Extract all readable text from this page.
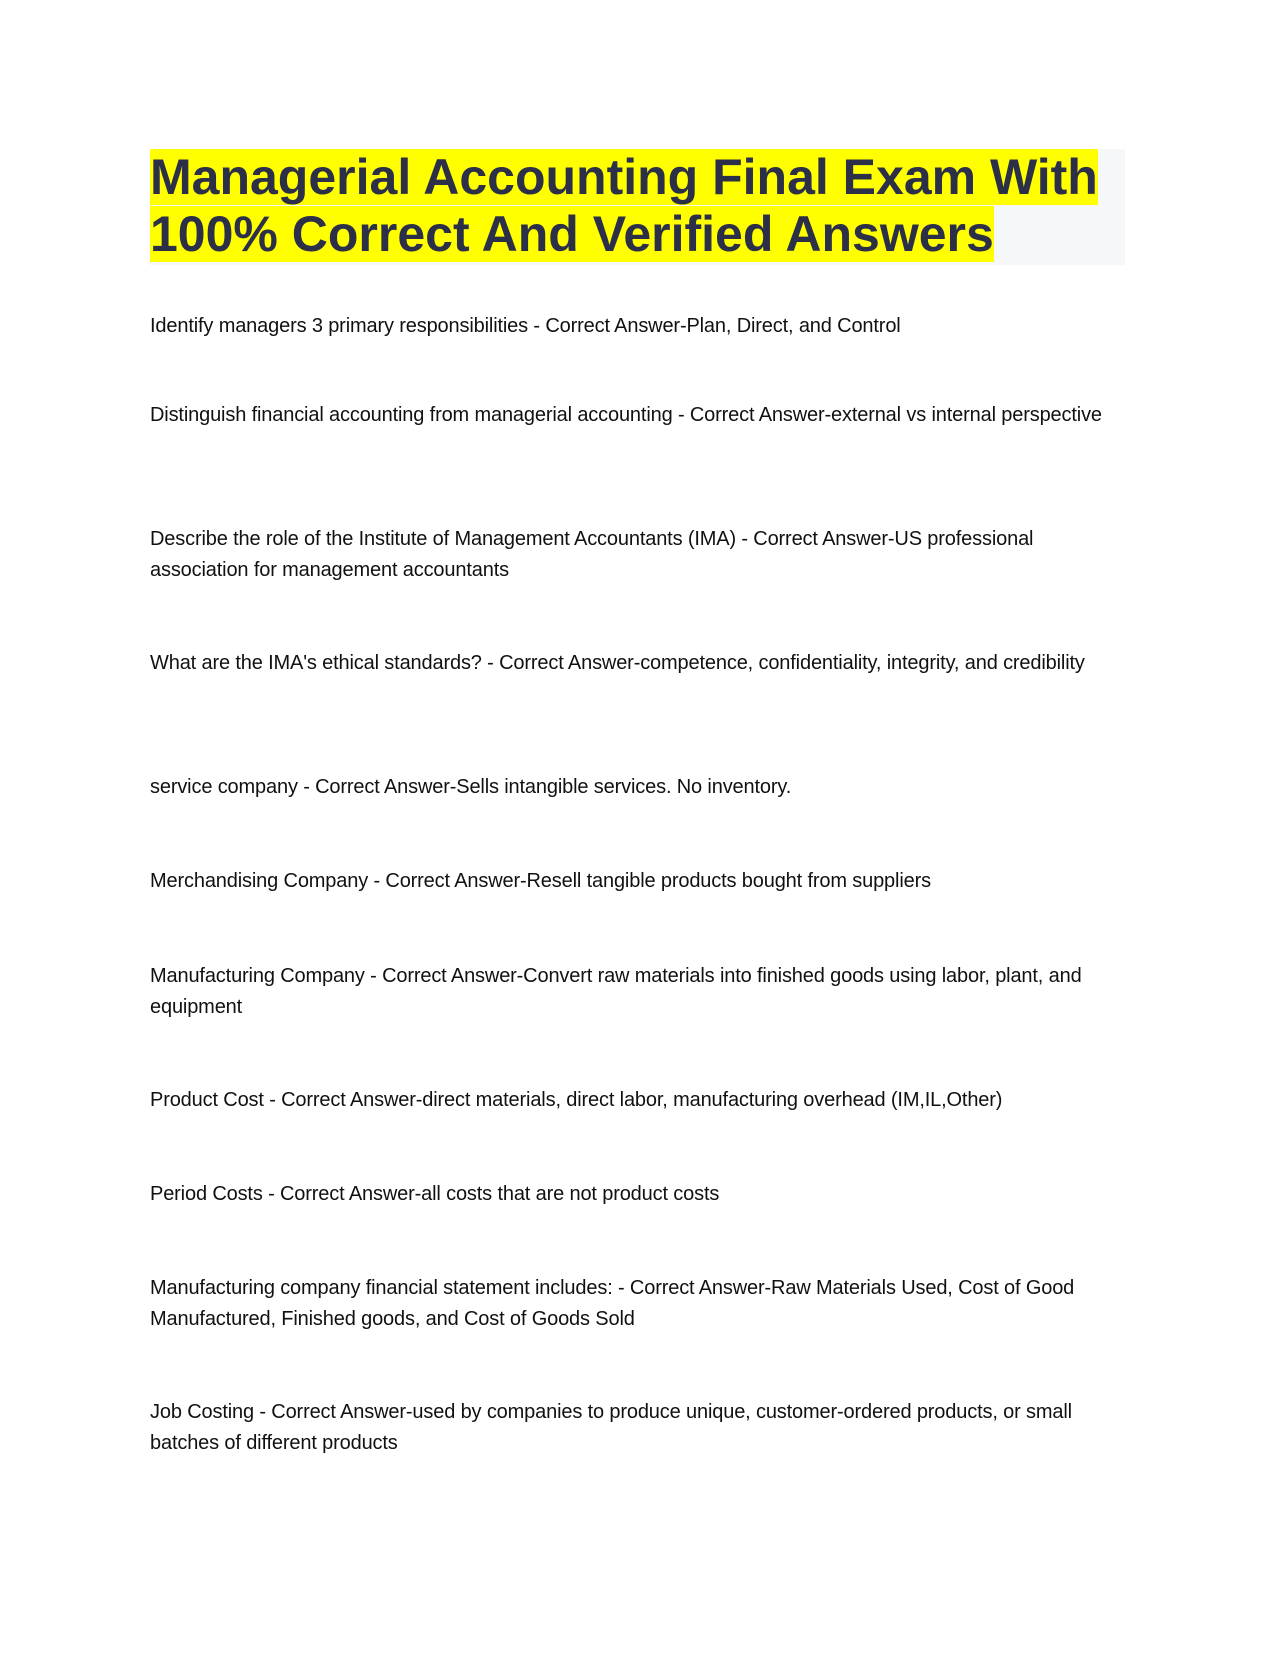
Managerial Accounting Final Exam With
100% Correct And Verified Answers

Identify managers 3 primary responsibilities - Correct Answer-Plan, Direct, and Control

Distinguish financial accounting from managerial accounting - Correct Answer-external vs internal perspective

Describe the role of the Institute of Management Accountants (IMA) - Correct Answer-US professional association for management accountants

What are the IMA's ethical standards? - Correct Answer-competence, confidentiality, integrity, and credibility

service company - Correct Answer-Sells intangible services. No inventory.

Merchandising Company - Correct Answer-Resell tangible products bought from suppliers

Manufacturing Company - Correct Answer-Convert raw materials into finished goods using labor, plant, and equipment

Product Cost - Correct Answer-direct materials, direct labor, manufacturing overhead (IM,IL,Other)

Period Costs - Correct Answer-all costs that are not product costs

Manufacturing company financial statement includes: - Correct Answer-Raw Materials Used, Cost of Good Manufactured, Finished goods, and Cost of Goods Sold

Job Costing - Correct Answer-used by companies to produce unique, customer-ordered products, or small batches of different products
